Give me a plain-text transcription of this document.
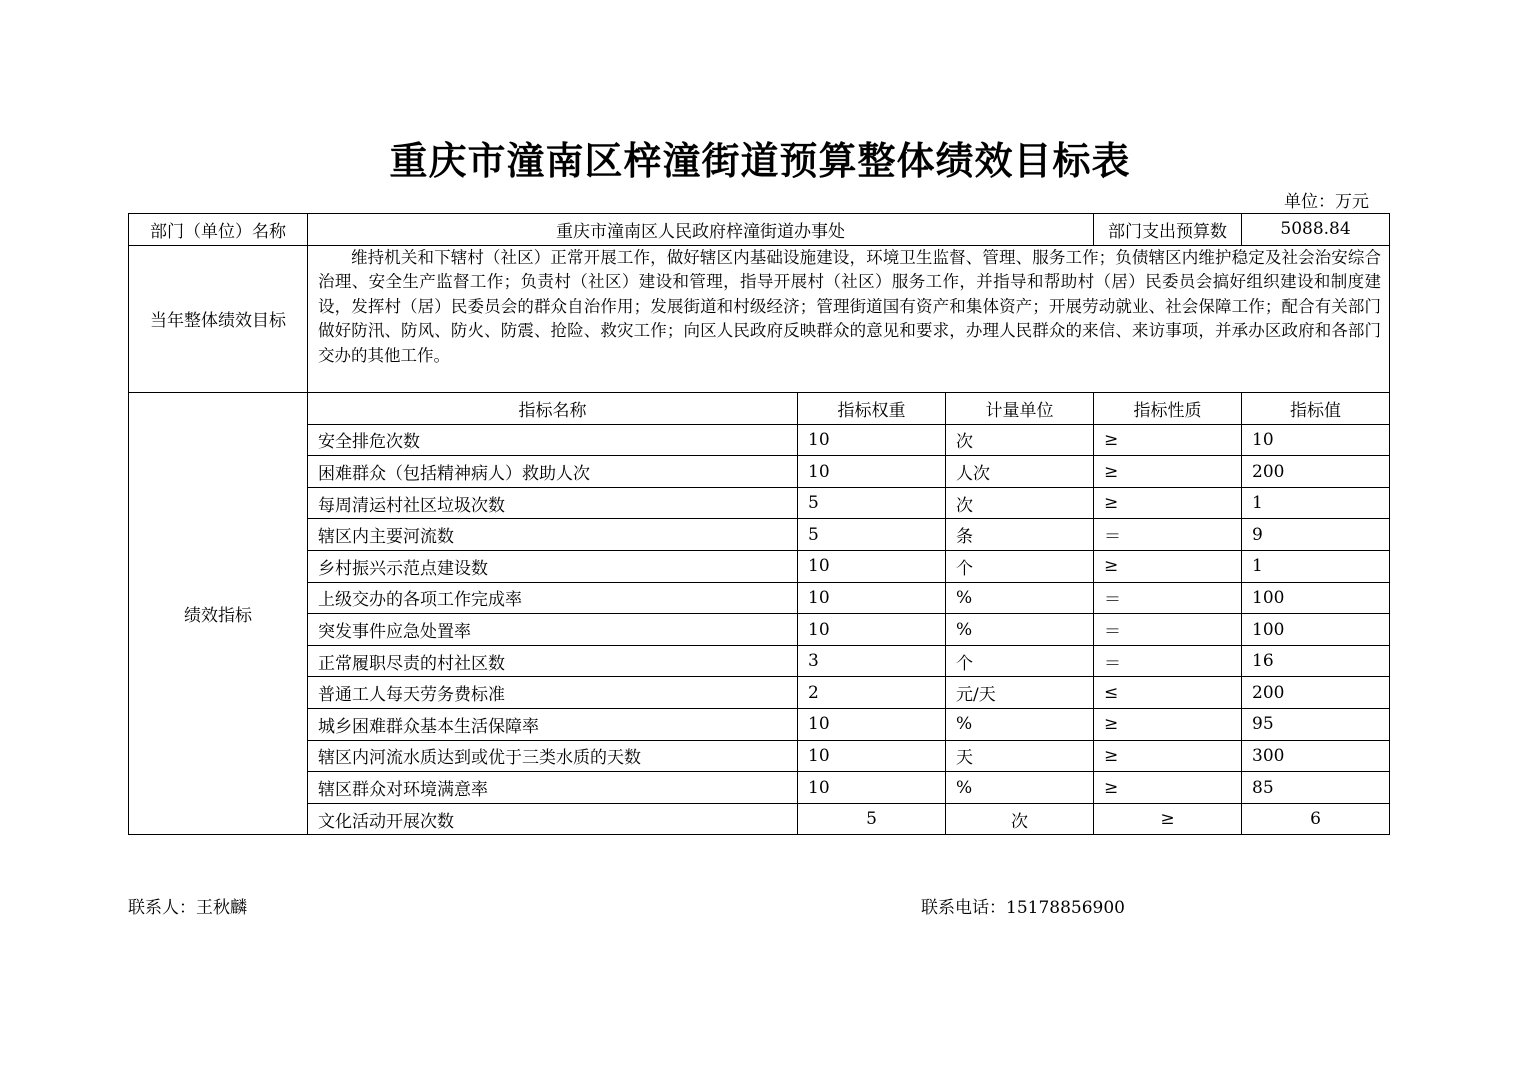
重庆市潼南区梓潼街道预算整体绩效目标表
单位：万元
部门（单位）名称	重庆市潼南区人民政府梓潼街道办事处			部门支出预算数	5088.84
当年整体绩效目标	维持机关和下辖村（社区）正常开展工作，做好辖区内基础设施建设，环境卫生监督、管理、服务工作；负债辖区内维护稳定及社会治安综合治理、安全生产监督工作；负责村（社区）建设和管理，指导开展村（社区）服务工作，并指导和帮助村（居）民委员会搞好组织建设和制度建设，发挥村（居）民委员会的群众自治作用；发展街道和村级经济；管理街道国有资产和集体资产；开展劳动就业、社会保障工作；配合有关部门做好防汛、防风、防火、防震、抢险、救灾工作；向区人民政府反映群众的意见和要求，办理人民群众的来信、来访事项，并承办区政府和各部门交办的其他工作。				

绩效指标	指标名称	指标权重	计量单位	指标性质	指标值
	安全排危次数	10	次	≥	10
	困难群众（包括精神病人）救助人次	10	人次	≥	200
	每周清运村社区垃圾次数	5	次	≥	1
	辖区内主要河流数	5	条	＝	9
	乡村振兴示范点建设数	10	个	≥	1
	上级交办的各项工作完成率	10	%	＝	100
	突发事件应急处置率	10	%	＝	100
	正常履职尽责的村社区数	3	个	＝	16
	普通工人每天劳务费标准	2	元/天	≤	200
	城乡困难群众基本生活保障率	10	%	≥	95
	辖区内河流水质达到或优于三类水质的天数	10	天	≥	300
	辖区群众对环境满意率	10	%	≥	85
	文化活动开展次数	5	次	≥	6
联系人：王秋麟	联系电话：15178856900
